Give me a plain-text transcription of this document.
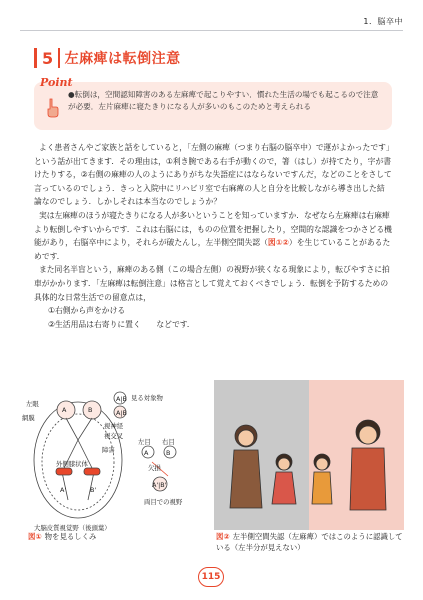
1．脳卒中
5 左麻痺は転倒注意
Point
●転倒は，空間認知障害のある左麻痺で起こりやすい．慣れた生活の場でも起こるので注意が必要．左片麻痺に寝たきりになる人が多いのもこのためと考えられる

よく患者さんやご家族と話をしていると，「左側の麻痺（つまり右脳の脳卒中）で運がよかったです」という話が出てきます．その理由は，①利き腕である右手が動くので，箸（はし）が持てたり，字が書けたりする，②右側の麻痺の人のようにありがちな失語症にはならないですんだ，などのことをさして言っているのでしょう．きっと入院中にリハビリ室で右麻痺の人と自分を比較しながら導き出した結論なのでしょう．しかしそれは本当なのでしょうか？

実は左麻痺のほうが寝たきりになる人が多いということを知っていますか．なぜなら左麻痺は右麻痺より転倒しやすいからです．これは右脳には，ものの位置を把握したり，空間的な認識をつかさどる機能があり，右脳卒中により，それらが破たんし，左半側空間失認（図①②）を生じていることがあるためです．

また同名半盲という，麻痺のある側（この場合左側）の視野が狭くなる現象により，転びやすさに拍車がかかります．「左麻痺は転倒注意」は格言として覚えておくべきでしょう．転倒を予防するための具体的な日常生活での留意点は，

①右側から声をかける
②生活用品は右寄りに置く　　などです．
見る対象物
左眼
網膜
視神経
視交叉
障害
外側膝状体
大脳皮質視覚野（後頭葉）
左目 右目
欠損
両目での視野
A|B
A|B
A	B
A	B
A'	B'
A'|B'
図① 物を見るしくみ	図② 左半側空間失認（左麻痺）ではこのように認識している（左半分が見えない）
115
